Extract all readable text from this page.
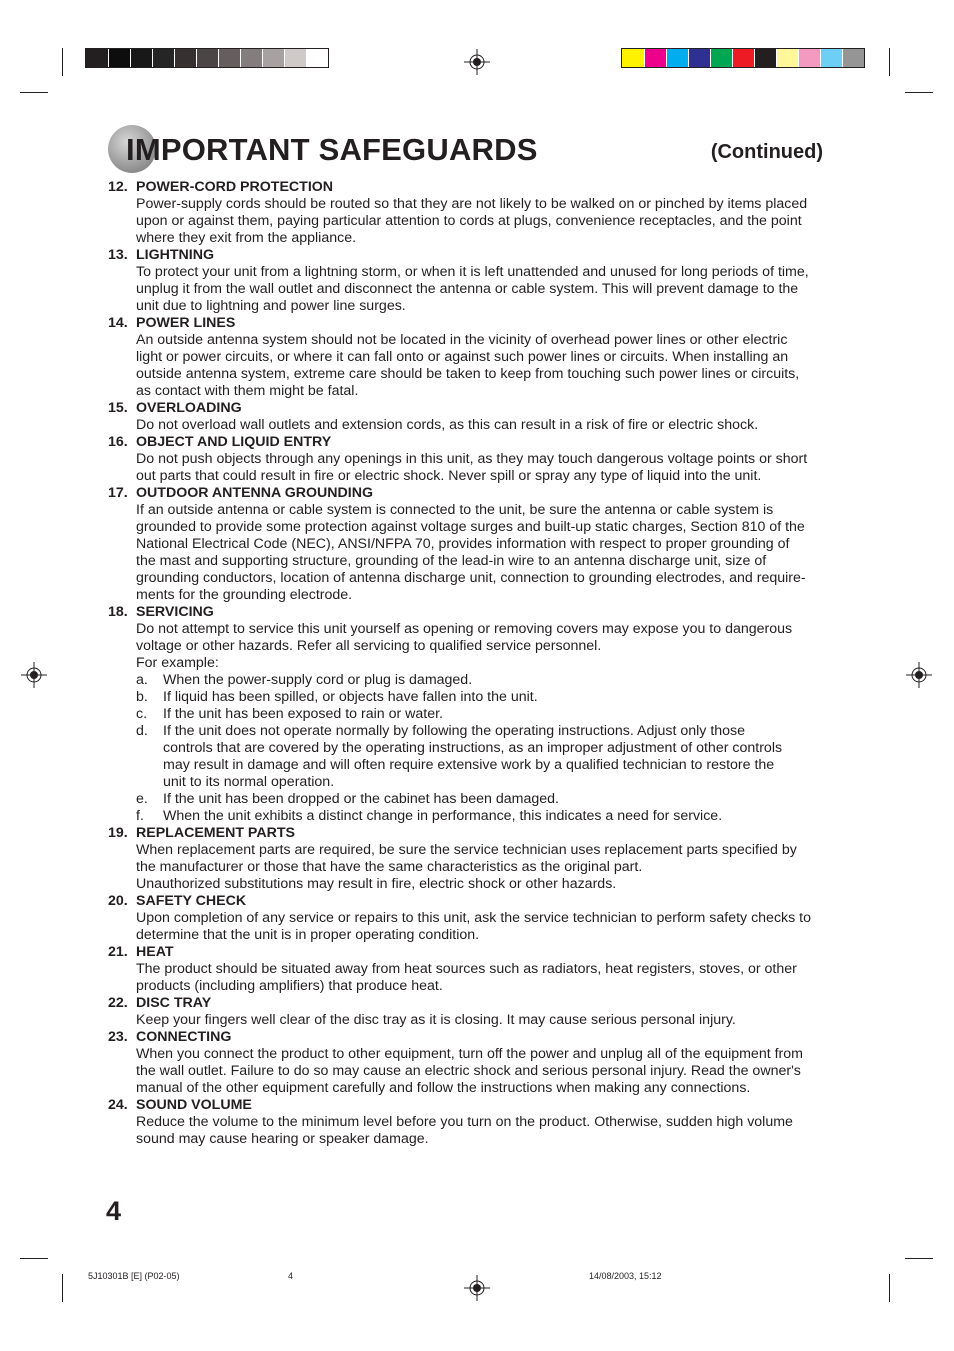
IMPORTANT SAFEGUARDS	(Continued)
12. POWER-CORD PROTECTION
Power-supply cords should be routed so that they are not likely to be walked on or pinched by items placed
upon or against them, paying particular attention to cords at plugs, convenience receptacles, and the point
where they exit from the appliance.
13. LIGHTNING
To protect your unit from a lightning storm, or when it is left unattended and unused for long periods of time,
unplug it from the wall outlet and disconnect the antenna or cable system. This will prevent damage to the
unit due to lightning and power line surges.
14. POWER LINES
An outside antenna system should not be located in the vicinity of overhead power lines or other electric
light or power circuits, or where it can fall onto or against such power lines or circuits. When installing an
outside antenna system, extreme care should be taken to keep from touching such power lines or circuits,
as contact with them might be fatal.
15. OVERLOADING
Do not overload wall outlets and extension cords, as this can result in a risk of fire or electric shock.
16. OBJECT AND LIQUID ENTRY
Do not push objects through any openings in this unit, as they may touch dangerous voltage points or short
out parts that could result in fire or electric shock. Never spill or spray any type of liquid into the unit.
17. OUTDOOR ANTENNA GROUNDING
If an outside antenna or cable system is connected to the unit, be sure the antenna or cable system is
grounded to provide some protection against voltage surges and built-up static charges, Section 810 of the
National Electrical Code (NEC), ANSI/NFPA 70, provides information with respect to proper grounding of
the mast and supporting structure, grounding of the lead-in wire to an antenna discharge unit, size of
grounding conductors, location of antenna discharge unit, connection to grounding electrodes, and require-
ments for the grounding electrode.
18. SERVICING
Do not attempt to service this unit yourself as opening or removing covers may expose you to dangerous
voltage or other hazards. Refer all servicing to qualified service personnel.
For example:
a.	When the power-supply cord or plug is damaged.
b.	If liquid has been spilled, or objects have fallen into the unit.
c.	If the unit has been exposed to rain or water.
d.	If the unit does not operate normally by following the operating instructions. Adjust only those
controls that are covered by the operating instructions, as an improper adjustment of other controls
may result in damage and will often require extensive work by a qualified technician to restore the
unit to its normal operation.
e.	If the unit has been dropped or the cabinet has been damaged.
f.	When the unit exhibits a distinct change in performance, this indicates a need for service.
19. REPLACEMENT PARTS
When replacement parts are required, be sure the service technician uses replacement parts specified by
the manufacturer or those that have the same characteristics as the original part.
Unauthorized substitutions may result in fire, electric shock or other hazards.
20. SAFETY CHECK
Upon completion of any service or repairs to this unit, ask the service technician to perform safety checks to
determine that the unit is in proper operating condition.
21. HEAT
The product should be situated away from heat sources such as radiators, heat registers, stoves, or other
products (including amplifiers) that produce heat.
22. DISC TRAY
Keep your fingers well clear of the disc tray as it is closing. It may cause serious personal injury.
23. CONNECTING
When you connect the product to other equipment, turn off the power and unplug all of the equipment from
the wall outlet. Failure to do so may cause an electric shock and serious personal injury. Read the owner's
manual of the other equipment carefully and follow the instructions when making any connections.
24. SOUND VOLUME
Reduce the volume to the minimum level before you turn on the product. Otherwise, sudden high volume
sound may cause hearing or speaker damage.
4
5J10301B [E] (P02-05)	4	14/08/2003, 15:12
